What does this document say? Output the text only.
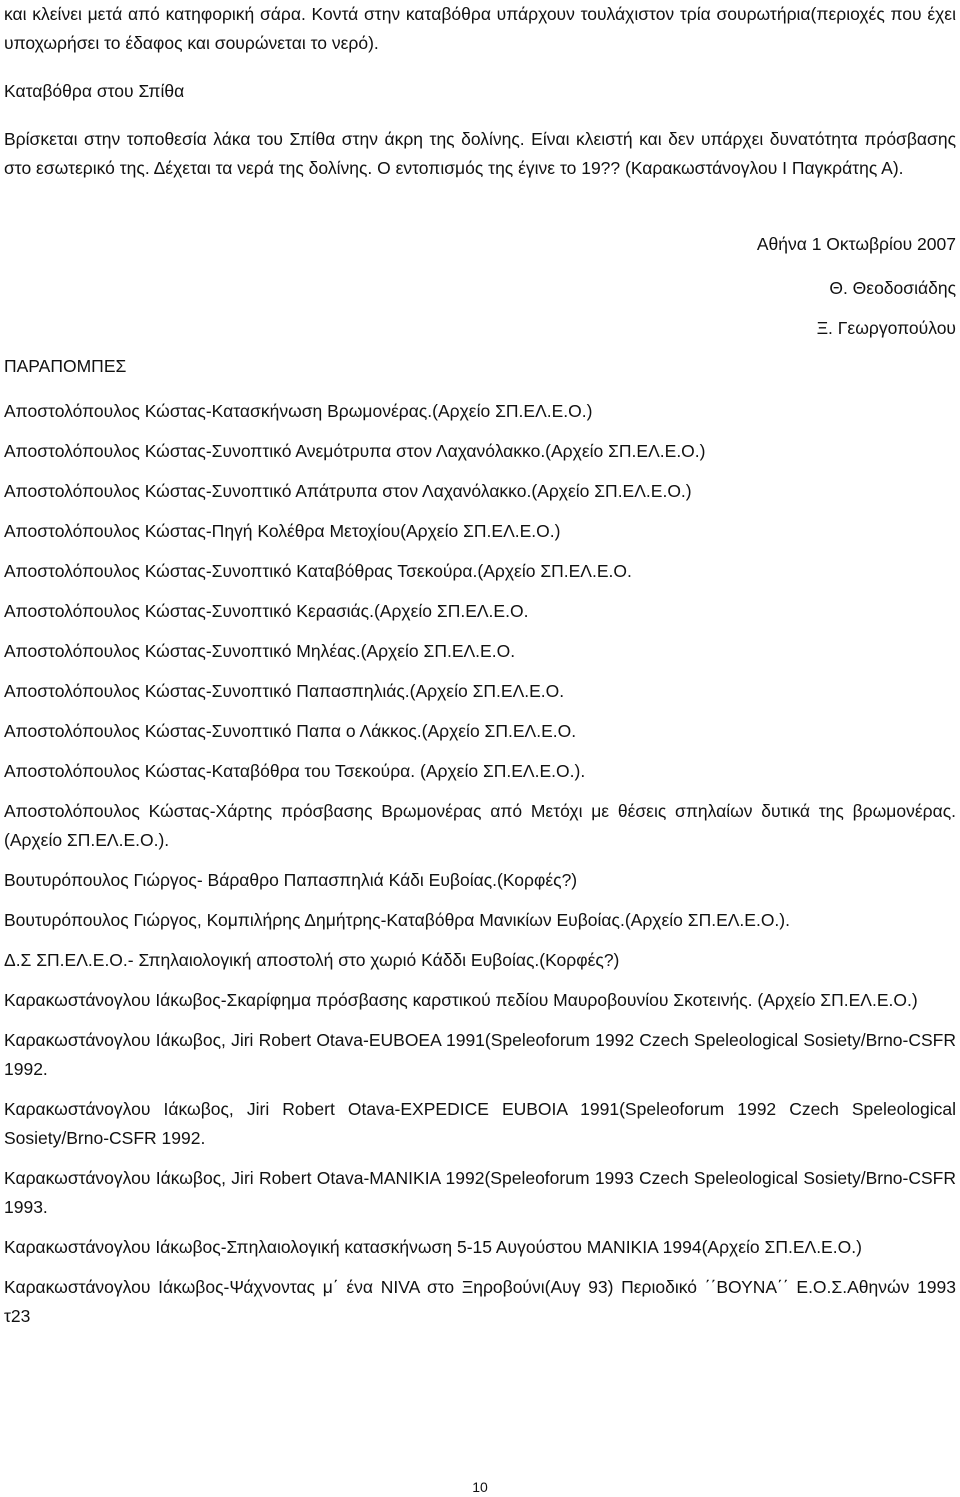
και κλείνει μετά από κατηφορική σάρα. Κοντά στην καταβόθρα υπάρχουν τουλάχιστον τρία σουρωτήρια(περιοχές που έχει υποχωρήσει το έδαφος και σουρώνεται το νερό).

Καταβόθρα στου Σπίθα

Βρίσκεται στην τοποθεσία λάκα του Σπίθα στην άκρη της δολίνης. Είναι κλειστή και δεν υπάρχει δυνατότητα πρόσβασης στο εσωτερικό της. Δέχεται τα νερά της δολίνης. Ο εντοπισμός της έγινε το 19?? (Καρακωστάνογλου Ι Παγκράτης Α).

Αθήνα 1 Οκτωβρίου 2007
Θ. Θεοδοσιάδης
Ξ. Γεωργοπούλου
ΠΑΡΑΠΟΜΠΕΣ
Αποστολόπουλος Κώστας-Κατασκήνωση Βρωμονέρας.(Αρχείο ΣΠ.ΕΛ.Ε.Ο.)
Αποστολόπουλος Κώστας-Συνοπτικό Ανεμότρυπα στον Λαχανόλακκο.(Αρχείο ΣΠ.ΕΛ.Ε.Ο.)
Αποστολόπουλος Κώστας-Συνοπτικό Απάτρυπα στον Λαχανόλακκο.(Αρχείο ΣΠ.ΕΛ.Ε.Ο.)
Αποστολόπουλος Κώστας-Πηγή Κολέθρα Μετοχίου(Αρχείο ΣΠ.ΕΛ.Ε.Ο.)
Αποστολόπουλος Κώστας-Συνοπτικό Καταβόθρας Τσεκούρα.(Αρχείο ΣΠ.ΕΛ.Ε.Ο.
Αποστολόπουλος Κώστας-Συνοπτικό Κερασιάς.(Αρχείο ΣΠ.ΕΛ.Ε.Ο.
Αποστολόπουλος Κώστας-Συνοπτικό Μηλέας.(Αρχείο ΣΠ.ΕΛ.Ε.Ο.
Αποστολόπουλος Κώστας-Συνοπτικό Παπασπηλιάς.(Αρχείο ΣΠ.ΕΛ.Ε.Ο.
Αποστολόπουλος Κώστας-Συνοπτικό Παπα ο Λάκκος.(Αρχείο ΣΠ.ΕΛ.Ε.Ο.
Αποστολόπουλος Κώστας-Καταβόθρα του Τσεκούρα. (Αρχείο ΣΠ.ΕΛ.Ε.Ο.).
Αποστολόπουλος Κώστας-Χάρτης πρόσβασης Βρωμονέρας από Μετόχι με θέσεις σπηλαίων δυτικά της βρωμονέρας. (Αρχείο ΣΠ.ΕΛ.Ε.Ο.).
Βουτυρόπουλος Γιώργος- Βάραθρο Παπασπηλιά Κάδι Ευβοίας.(Κορφές?)
Βουτυρόπουλος Γιώργος, Κομπιλήρης Δημήτρης-Καταβόθρα Μανικίων Ευβοίας.(Αρχείο ΣΠ.ΕΛ.Ε.Ο.).
Δ.Σ ΣΠ.ΕΛ.Ε.Ο.- Σπηλαιολογική αποστολή στο χωριό Κάδδι Ευβοίας.(Κορφές?)
Καρακωστάνογλου Ιάκωβος-Σκαρίφημα πρόσβασης καρστικού πεδίου Μαυροβουνίου Σκοτεινής. (Αρχείο ΣΠ.ΕΛ.Ε.Ο.)
Καρακωστάνογλου Ιάκωβος, Jiri Robert Otava-EUBOEA 1991(Speleoforum 1992 Czech Speleological Sosiety/Brno-CSFR 1992.
Καρακωστάνογλου Ιάκωβος, Jiri Robert Otava-EXPEDICE EUBOIA 1991(Speleoforum 1992 Czech Speleological Sosiety/Brno-CSFR 1992.
Καρακωστάνογλου Ιάκωβος, Jiri Robert Otava-MANIKIA 1992(Speleoforum 1993 Czech Speleological Sosiety/Brno-CSFR 1993.
Καρακωστάνογλου Ιάκωβος-Σπηλαιολογική κατασκήνωση 5-15 Αυγούστου ΜΑΝΙΚΙΑ 1994(Αρχείο ΣΠ.ΕΛ.Ε.Ο.)
Καρακωστάνογλου Ιάκωβος-Ψάχνοντας μ΄ ένα NIVA στο Ξηροβούνι(Αυγ 93) Περιοδικό ΄΄ΒΟΥΝΑ΄΄ Ε.Ο.Σ.Αθηνών 1993 τ23
10
